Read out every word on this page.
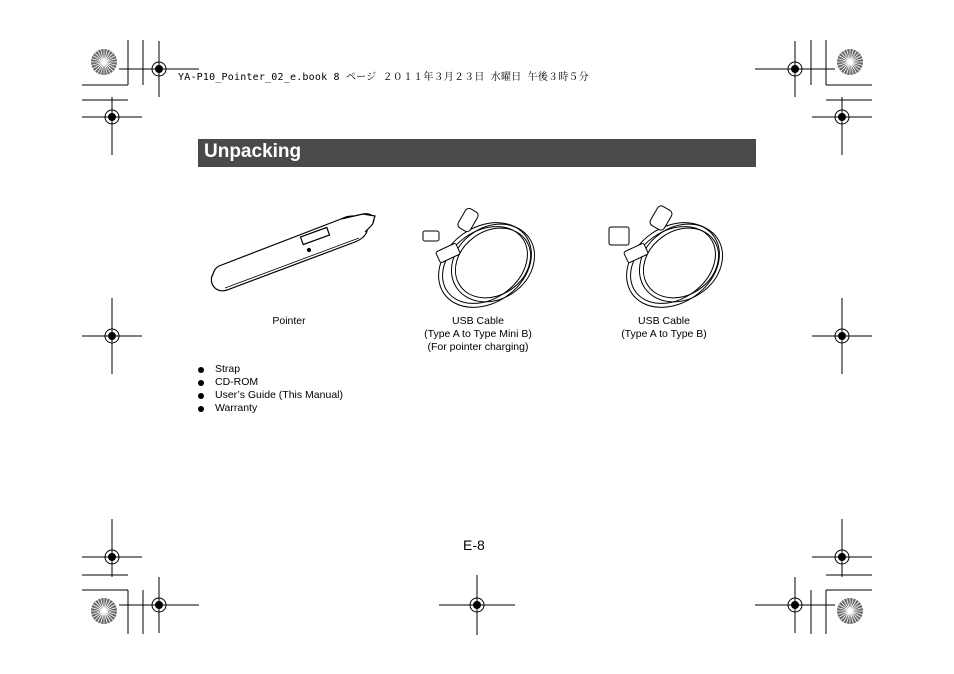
YA-P10_Pointer_02_e.book 8 ページ ２０１１年３月２３日 水曜日 午後３時５分
Unpacking
Pointer	USB Cable
(Type A to Type Mini B)
(For pointer charging)
USB Cable
(Type A to Type B)
Strap
CD-ROM
User’s Guide (This Manual)
Warranty
E-8
